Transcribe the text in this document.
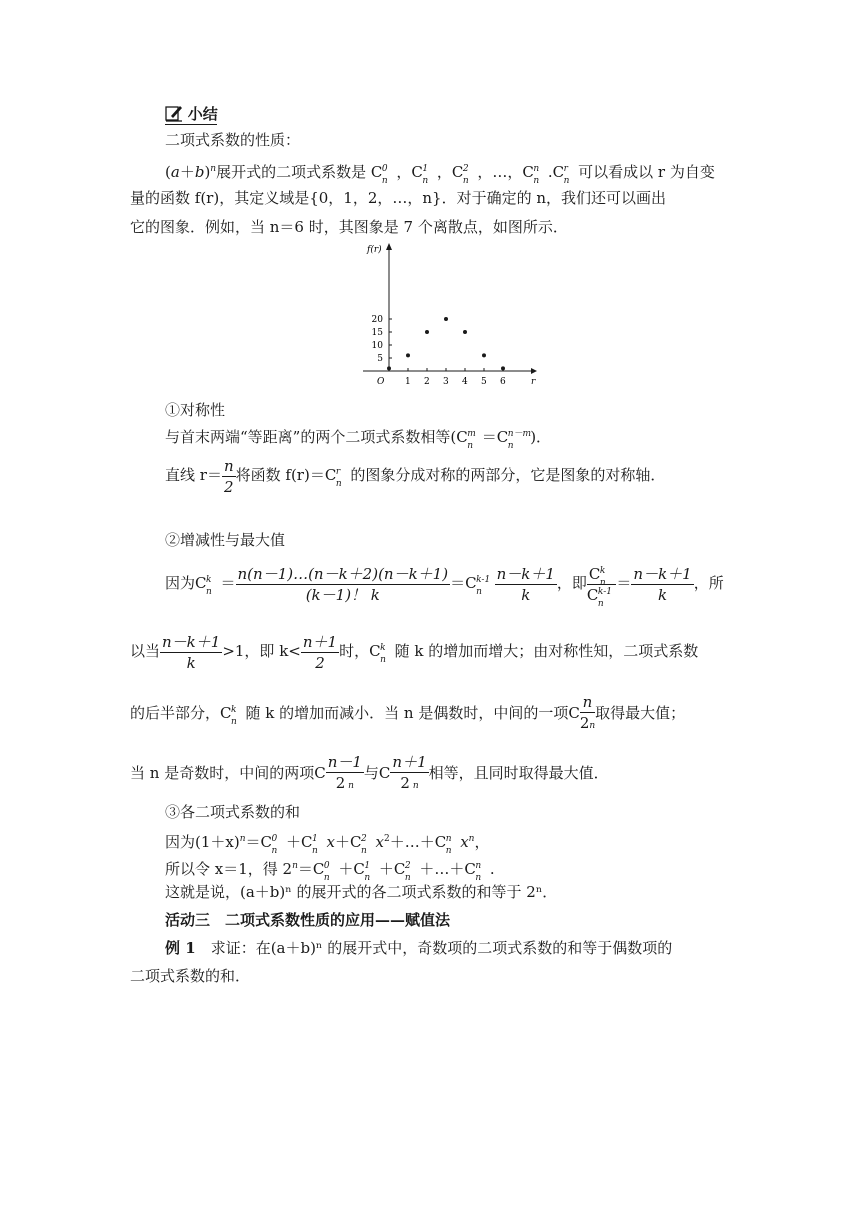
小结
二项式系数的性质：
$(a+b)^n$展开式的二项式系数是 C 0
n ，C 1
n ，C 2
n ，…，C n
n .C r
n 可以看成以 r 为自变
量的函数 f(r)，其定义域是{0，1，2，…，n}．对于确定的 n，我们还可以画出
它的图象．例如，当 n＝6 时，其图象是 7 个离散点，如图所示．
f(r)
r
O 1 2 3 4 5 6
5
10
15
20
①对称性
与首末两端“等距离”的两个二项式系数相等(C m
n ＝C n－m
n )．
直线 $r= \frac{n}{2}$ 将函数 f(r)＝C r
n 的图象分成对称的两部分，它是图象的对称轴．
②增减性与最大值
因为C k
$n = \frac{n(n-1)\dots(n-k+2)(n-k+1)}{(k-1)! k} =C$ k-1
n $\frac{n-k+1}{k}$ ，即 C k
n
C k-1
$n = \frac{n-k+1}{k}$ ，所
以当 $\frac{n-k+1}{k} >1$，即 $k< \frac{n+1}{2}$ 时，C k
n 随 k 的增加而增大；由对称性知，二项式系数
的后半部分，C k
n 随 k 的增加而减小．当 n 是偶数时，中间的一项C $\frac{n}{2n}$ 取得最大值；
当 n 是奇数时，中间的两项C $\frac{n-1}{2 n}$ 与C $\frac{n+1}{2 n}$ 相等，且同时取得最大值．
③各二项式系数的和
因为$(1+x)^n=C$ 0
n ＋C 1
n x＋C 2
n $x^2+\dots+C$ n
n $x^n$，
所以令 x＝1，得 $2^n=C$ 0
n ＋C 1
n ＋C 2
n ＋…＋C n
n .
这就是说，(a＋b)ⁿ 的展开式的各二项式系数的和等于 2ⁿ．
活动三　二项式系数性质的应用——赋值法
例 1　 求证：在(a＋b)ⁿ 的展开式中，奇数项的二项式系数的和等于偶数项的
二项式系数的和．
